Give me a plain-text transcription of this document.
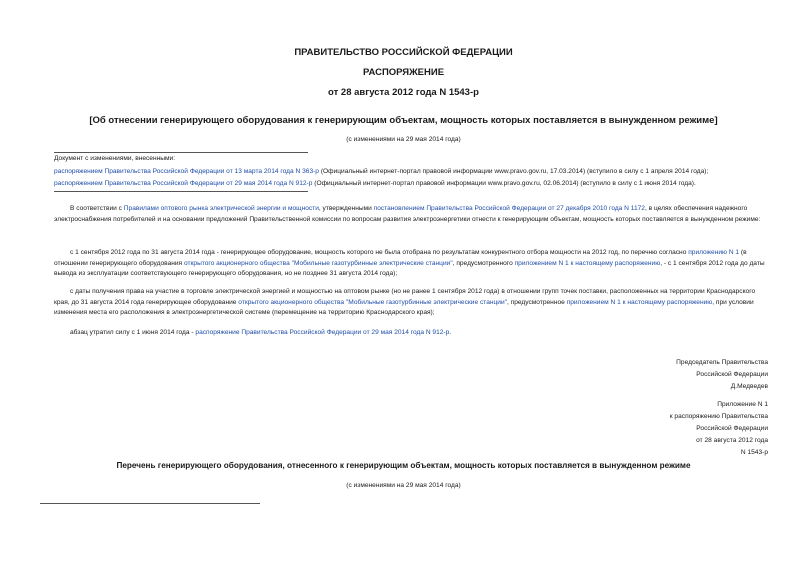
ПРАВИТЕЛЬСТВО РОССИЙСКОЙ ФЕДЕРАЦИИ
РАСПОРЯЖЕНИЕ
от 28 августа 2012 года N 1543-р
[Об отнесении генерирующего оборудования к генерирующим объектам, мощность которых поставляется в вынужденном режиме]
(с изменениями на 29 мая 2014 года)
Документ с изменениями, внесенными:
распоряжением Правительства Российской Федерации от 13 марта 2014 года N 363-р (Официальный интернет-портал правовой информации www.pravo.gov.ru, 17.03.2014) (вступило в силу с 1 апреля 2014 года);
распоряжением Правительства Российской Федерации от 29 мая 2014 года N 912-р (Официальный интернет-портал правовой информации www.pravo.gov.ru, 02.06.2014) (вступило в силу с 1 июня 2014 года).
В соответствии с Правилами оптового рынка электрической энергии и мощности, утвержденными постановлением Правительства Российской Федерации от 27 декабря 2010 года N 1172, в целях обеспечения надежного электроснабжения потребителей и на основании предложений Правительственной комиссии по вопросам развития электроэнергетики отнести к генерирующим объектам, мощность которых поставляется в вынужденном режиме:
с 1 сентября 2012 года по 31 августа 2014 года - генерирующее оборудование, мощность которого не была отобрана по результатам конкурентного отбора мощности на 2012 год, по перечню согласно приложению N 1 (в отношении генерирующего оборудования открытого акционерного общества "Мобильные газотурбинные электрические станции", предусмотренного приложением N 1 к настоящему распоряжению, - с 1 сентября 2012 года до даты вывода из эксплуатации соответствующего генерирующего оборудования, но не позднее 31 августа 2014 года);
с даты получения права на участие в торговле электрической энергией и мощностью на оптовом рынке (но не ранее 1 сентября 2012 года) в отношении групп точек поставки, расположенных на территории Краснодарского края, до 31 августа 2014 года генерирующее оборудование открытого акционерного общества "Мобильные газотурбинные электрические станции", предусмотренное приложением N 1 к настоящему распоряжению, при условии изменения места его расположения в электроэнергетической системе (перемещение на территорию Краснодарского края);
абзац утратил силу с 1 июня 2014 года - распоряжение Правительства Российской Федерации от 29 мая 2014 года N 912-р.
Председатель Правительства
Российской Федерации
Д.Медведев
Приложение N 1
к распоряжению Правительства
Российской Федерации
от 28 августа 2012 года
N 1543-р
Перечень генерирующего оборудования, отнесенного к генерирующим объектам, мощность которых поставляется в вынужденном режиме
(с изменениями на 29 мая 2014 года)
